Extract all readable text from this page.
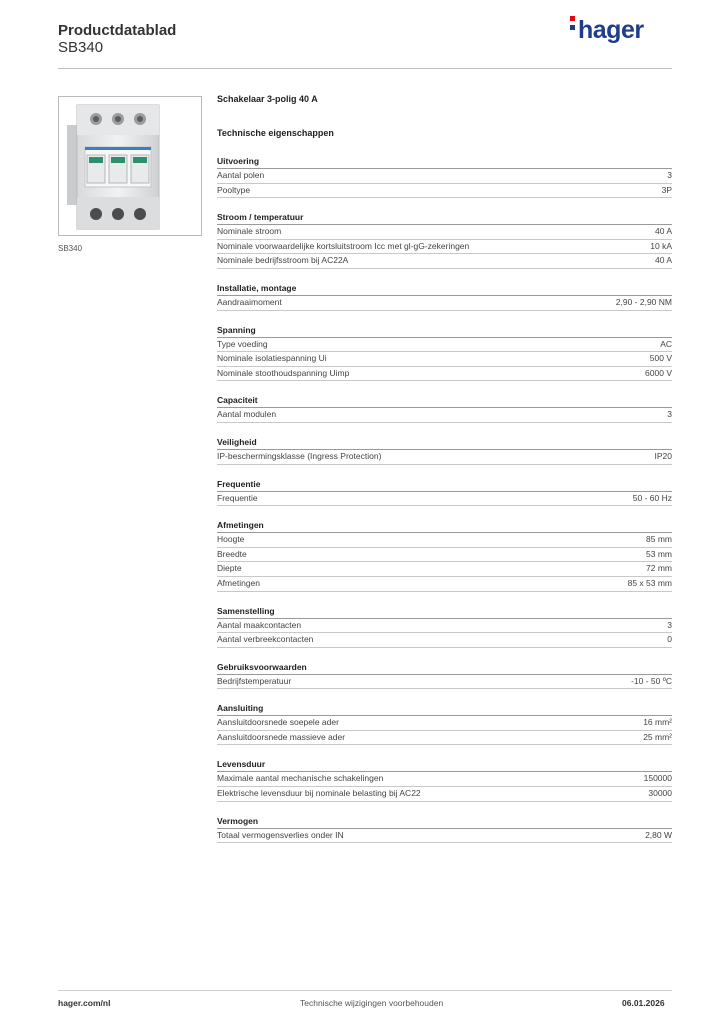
Productdatablad
SB340
hager
SB340
Schakelaar 3-polig 40 A
Technische eigenschappen
Uitvoering
Aantal polen	3
Pooltype	3P
Stroom / temperatuur
Nominale stroom	40 A
Nominale voorwaardelijke kortsluitstroom Icc met gl-gG-zekeringen	10 kA
Nominale bedrijfsstroom bij AC22A	40 A
Installatie, montage
Aandraaimoment	2,90 - 2,90 NM
Spanning
Type voeding	AC
Nominale isolatiespanning Ui	500 V
Nominale stoothoudspanning Uimp	6000 V
Capaciteit
Aantal modulen	3
Veiligheid
IP-beschermingsklasse (Ingress Protection)	IP20
Frequentie
Frequentie	50 - 60 Hz
Afmetingen
Hoogte	85 mm
Breedte	53 mm
Diepte	72 mm
Afmetingen	85 x 53 mm
Samenstelling
Aantal maakcontacten	3
Aantal verbreekcontacten	0
Gebruiksvoorwaarden
Bedrijfstemperatuur	-10 - 50 ºC
Aansluiting
Aansluitdoorsnede soepele ader	16 mm²
Aansluitdoorsnede massieve ader	25 mm²
Levensduur
Maximale aantal mechanische schakelingen	150000
Elektrische levensduur bij nominale belasting bij AC22	30000
Vermogen
Totaal vermogensverlies onder IN	2,80 W
hager.com/nl	Technische wijzigingen voorbehouden	06.01.2026
